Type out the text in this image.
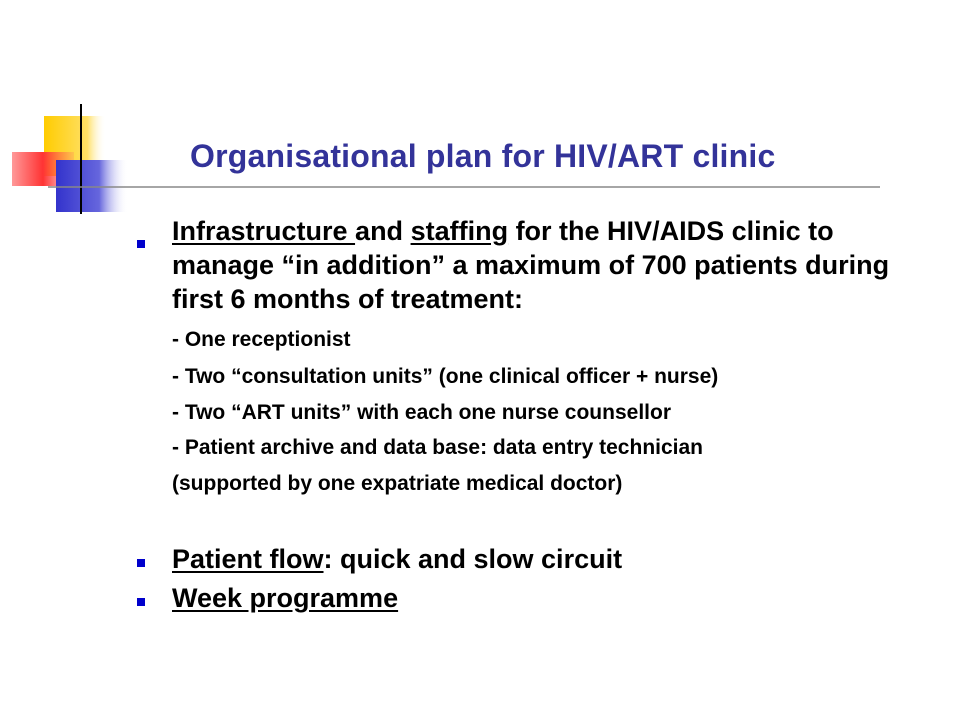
Organisational plan for HIV/ART clinic
Infrastructure and staffing for the HIV/AIDS clinic to manage “in addition” a maximum of 700 patients during first 6 months of treatment:
- One receptionist
- Two “consultation units” (one clinical officer + nurse)
- Two “ART units” with each one nurse counsellor
- Patient archive and data base: data entry technician
(supported by one expatriate medical doctor)
Patient flow: quick and slow circuit
Week programme
